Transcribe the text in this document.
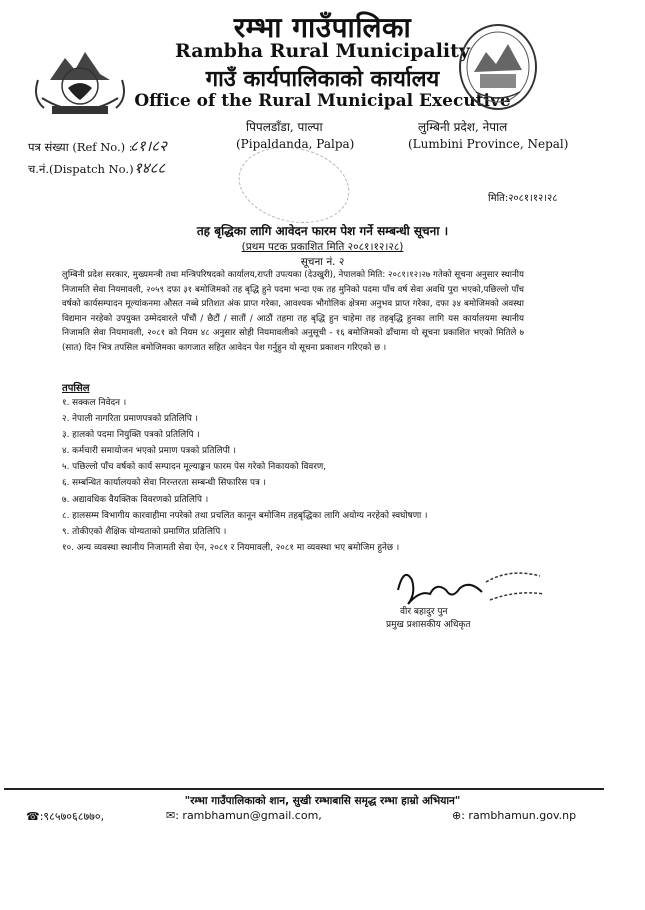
रम्भा गाउँपालिका
Rambha Rural Municipality
गाउँ कार्यपालिकाको कार्यालय
Office of the Rural Municipal Executive
पिपलडाँडा, पाल्पा
(Pipaldanda, Palpa)
लुम्बिनी प्रदेश, नेपाल
(Lumbini Province, Nepal)
पत्र संख्या (Ref No.) :
८१।८२
च.नं.(Dispatch No.) :
१४८८
मिति:२०८१।१२।२८
तह बृद्धिका लागि आवेदन फारम पेश गर्ने सम्बन्धी सूचना ।
(प्रथम पटक प्रकाशित मिति २०८१।१२।२८)
सूचना नं. २
लुम्बिनी प्रदेश सरकार, मुख्यमन्त्री तथा मन्त्रिपरिषदको कार्यालय,राप्ती उपत्यका (देउखुरी), नेपालको मिति: २०८१।१२।२७ गतेको सूचना अनुसार स्थानीय निजामति सेवा नियमावली, २०५९ दफा ३१ बमोजिमको तह बृद्धि हुने पदमा भन्दा एक तह मुनिको पदमा पाँच वर्ष सेवा अवधि पुरा भएको,पछिल्लो पाँच वर्षको कार्यसम्पादन मूल्यांकनमा औसत नब्बे प्रतिशत अंक प्राप्त गरेका, आवश्यक भौगोलिक क्षेत्रमा अनुभव प्राप्त गरेका, दफा ३४ बमोजिमको अवस्था विद्यमान नरहेको उपयुक्त उम्मेदवारले पाँचौं / छैटौं / सातौं / आठौं तहमा तह बृद्धि हुन चाहेमा तह तहबृद्धि हुनका लागि यस कार्यालयमा स्थानीय निजामति सेवा नियमावली, २०८१ को नियम ४८ अनुसार सोही नियमावलीको अनुसूची - १६ बमोजिमको ढाँचामा यो सूचना प्रकाशित भएको मितिले ७ (सात) दिन भित्र तपसिल बमोजिमका कागजात सहित आवेदन पेश गर्नुहुन यो सूचना प्रकाशन गरिएको छ ।
तपसिल
१. सक्कल निवेदन ।
२. नेपाली नागरिता प्रमाणपत्रको प्रतिलिपि ।
३. हालको पदमा नियुक्ति पत्रको प्रतिलिपि ।
४. कर्मचारी समायोजन भएको प्रमाण पत्रको प्रतिलिपी ।
५. पछिल्लो पाँच वर्षको कार्य सम्पादन मूल्याङ्कन फारम पेस गरेको निकायको विवरण,
६. सम्बन्धित कार्यालयको सेवा निरन्तरता सम्बन्धी सिफारिस पत्र ।
७. अद्यावधिक वैयक्तिक विवरणको प्रतिलिपि ।
८. हालसम्म विभागीय कारवाहीमा नपरेको तथा प्रचलित कानून बमोजिम तहबृद्धिका लागि अयोग्य नरहेको स्वघोषणा ।
९. तोकीएको शैक्षिक योग्यताको प्रमाणित प्रतिलिपि ।
१०. अन्य व्यवस्था स्थानीय निजामती सेवा ऐन, २०८१ र नियमावली, २०८१ मा व्यवस्था भए बमोजिम हुनेछ ।
वीर बहादुर पुन
प्रमुख प्रशासकीय अधिकृत
"रम्भा गाउँपालिकाको शान, सुखी रम्भाबासि समृद्ध रम्भा हाम्रो अभियान"
☎:९८५७०६८७७०,	✉: rambhamun@gmail.com,	⊕: rambhamun.gov.np
